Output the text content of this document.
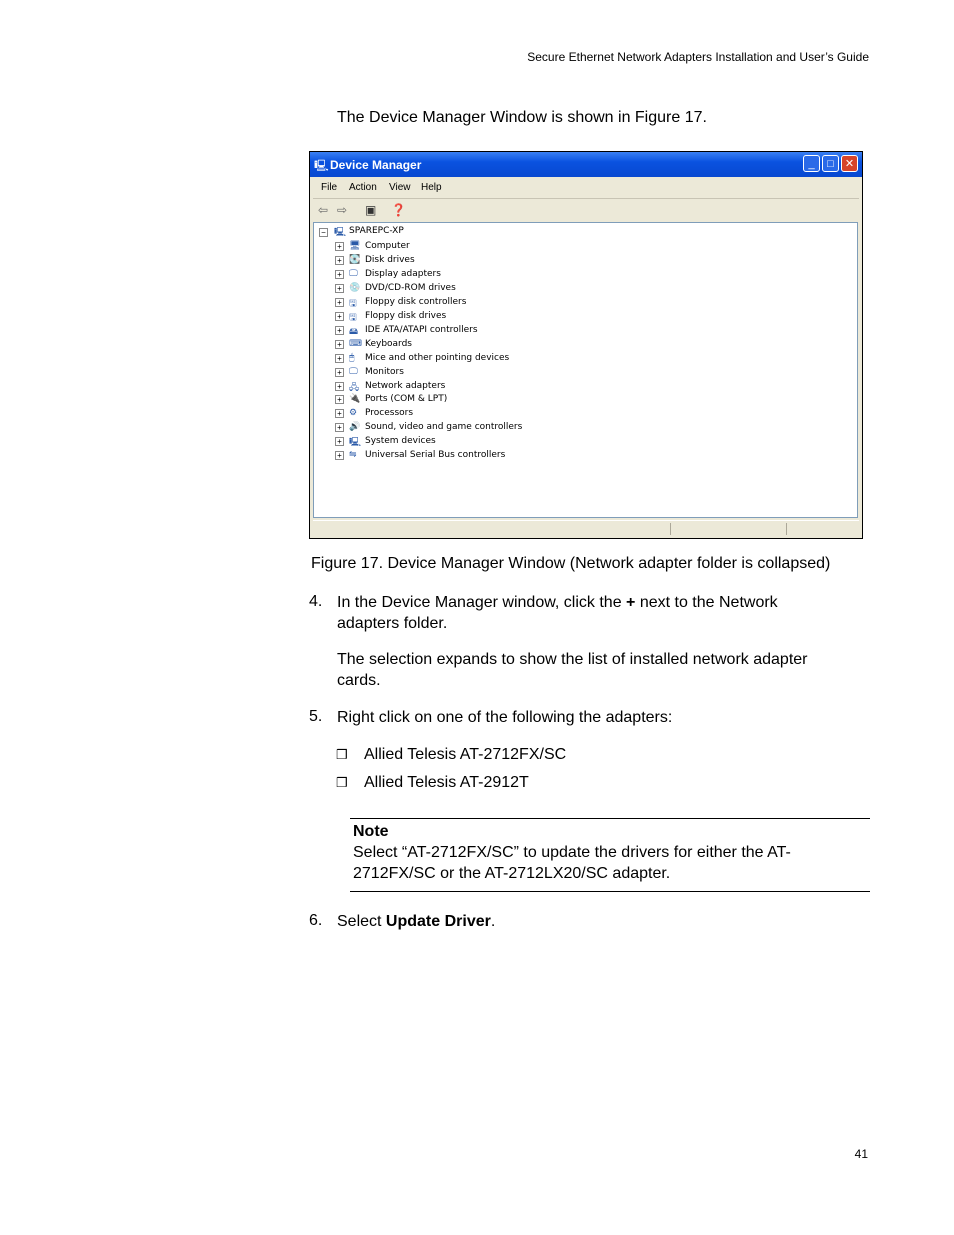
Secure Ethernet Network Adapters Installation and User’s Guide
The Device Manager Window is shown in Figure 17.
🖳 Device Manager	_	□	✕
File Action View Help
⇦ ⇨ ▣ ❓
− 🖳 SPAREPC-XP
+ 🖥 Computer
+ 💽 Disk drives
+ 🖵 Display adapters
+ 💿 DVD/CD-ROM drives
+ 🖫 Floppy disk controllers
+ 🖫 Floppy disk drives
+ 🖴 IDE ATA/ATAPI controllers
+ ⌨ Keyboards
+ 🖱 Mice and other pointing devices
+ 🖵 Monitors
+ 🖧 Network adapters
+ 🔌 Ports (COM & LPT)
+ ⚙ Processors
+ 🔊 Sound, video and game controllers
+ 🖳 System devices
+ ⇋ Universal Serial Bus controllers
Figure 17. Device Manager Window (Network adapter folder is collapsed)
4. In the Device Manager window, click the + next to the Network
adapters folder.
The selection expands to show the list of installed network adapter
cards.
5. Right click on one of the following the adapters:
❒ Allied Telesis AT-2712FX/SC
❒ Allied Telesis AT-2912T
Note
Select “AT-2712FX/SC” to update the drivers for either the AT-
2712FX/SC or the AT-2712LX20/SC adapter.
6. Select Update Driver.
41
